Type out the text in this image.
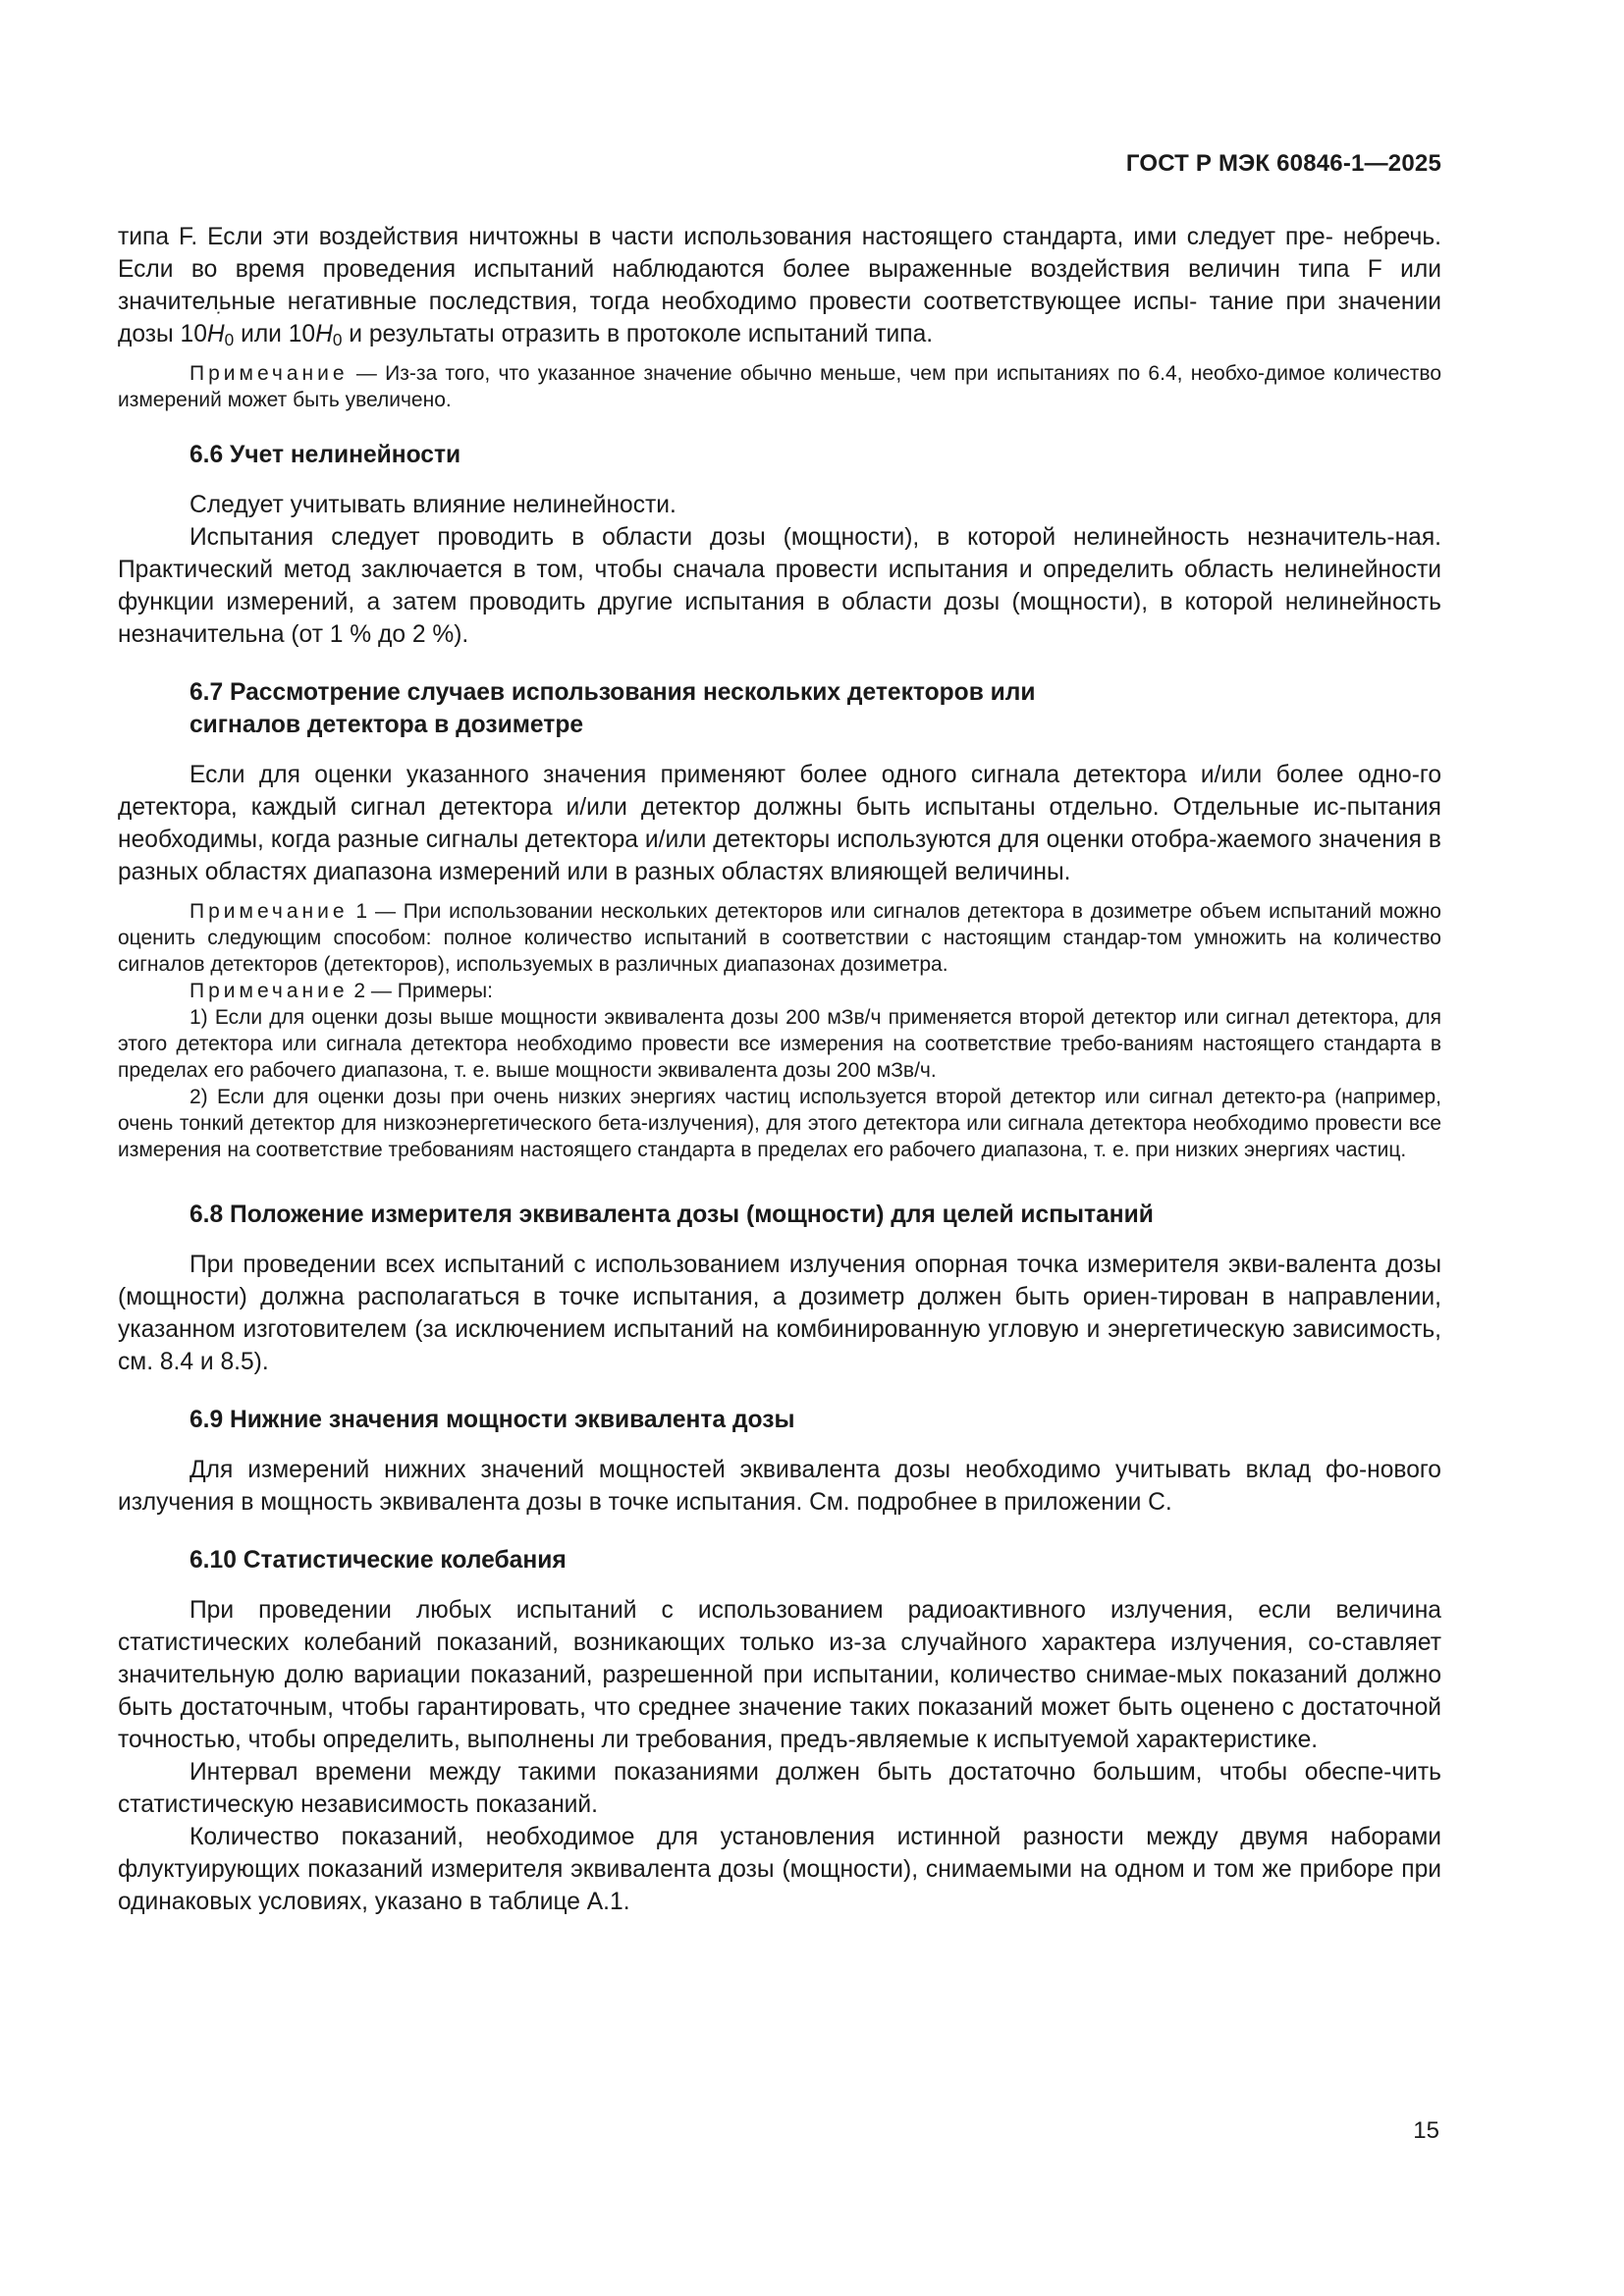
ГОСТ Р МЭК 60846-1—2025

типа F. Если эти воздействия ничтожны в части использования настоящего стандарта, ими следует пре- небречь. Если во время проведения испытаний наблюдаются более выраженные воздействия величин типа F или значительные негативные последствия, тогда необходимо провести соответствующее испы- тание при значении дозы 10H $˙_0$ или $10H_0$ и результаты отразить в протоколе испытаний типа.

Примечание — Из-за того, что указанное значение обычно меньше, чем при испытаниях по 6.4, необхо-димое количество измерений может быть увеличено.

6.6 Учет нелинейности

Следует учитывать влияние нелинейности.

Испытания следует проводить в области дозы (мощности), в которой нелинейность незначитель-ная. Практический метод заключается в том, чтобы сначала провести испытания и определить область нелинейности функции измерений, а затем проводить другие испытания в области дозы (мощности), в которой нелинейность незначительна (от 1 % до 2 %).

6.7 Рассмотрение случаев использования нескольких детекторов или

сигналов детектора в дозиметре

Если для оценки указанного значения применяют более одного сигнала детектора и/или более одно-го детектора, каждый сигнал детектора и/или детектор должны быть испытаны отдельно. Отдельные ис-пытания необходимы, когда разные сигналы детектора и/или детекторы используются для оценки отобра-жаемого значения в разных областях диапазона измерений или в разных областях влияющей величины.

Примечание 1 — При использовании нескольких детекторов или сигналов детектора в дозиметре объем испытаний можно оценить следующим способом: полное количество испытаний в соответствии с настоящим стандар-том умножить на количество сигналов детекторов (детекторов), используемых в различных диапазонах дозиметра.

Примечание 2 — Примеры:

1) Если для оценки дозы выше мощности эквивалента дозы 200 мЗв/ч применяется второй детектор или сигнал детектора, для этого детектора или сигнала детектора необходимо провести все измерения на соответствие требо-ваниям настоящего стандарта в пределах его рабочего диапазона, т. е. выше мощности эквивалента дозы 200 мЗв/ч.

2) Если для оценки дозы при очень низких энергиях частиц используется второй детектор или сигнал детекто-ра (например, очень тонкий детектор для низкоэнергетического бета-излучения), для этого детектора или сигнала детектора необходимо провести все измерения на соответствие требованиям настоящего стандарта в пределах его рабочего диапазона, т. е. при низких энергиях частиц.

6.8 Положение измерителя эквивалента дозы (мощности) для целей испытаний

При проведении всех испытаний с использованием излучения опорная точка измерителя экви-валента дозы (мощности) должна располагаться в точке испытания, а дозиметр должен быть ориен-тирован в направлении, указанном изготовителем (за исключением испытаний на комбинированную угловую и энергетическую зависимость, см. 8.4 и 8.5).

6.9 Нижние значения мощности эквивалента дозы

Для измерений нижних значений мощностей эквивалента дозы необходимо учитывать вклад фо-нового излучения в мощность эквивалента дозы в точке испытания. См. подробнее в приложении С.

6.10 Статистические колебания

При проведении любых испытаний с использованием радиоактивного излучения, если величина статистических колебаний показаний, возникающих только из-за случайного характера излучения, со-ставляет значительную долю вариации показаний, разрешенной при испытании, количество снимае-мых показаний должно быть достаточным, чтобы гарантировать, что среднее значение таких показаний может быть оценено с достаточной точностью, чтобы определить, выполнены ли требования, предъ-являемые к испытуемой характеристике.

Интервал времени между такими показаниями должен быть достаточно большим, чтобы обеспе-чить статистическую независимость показаний.

Количество показаний, необходимое для установления истинной разности между двумя наборами флуктуирующих показаний измерителя эквивалента дозы (мощности), снимаемыми на одном и том же приборе при одинаковых условиях, указано в таблице А.1.

15
